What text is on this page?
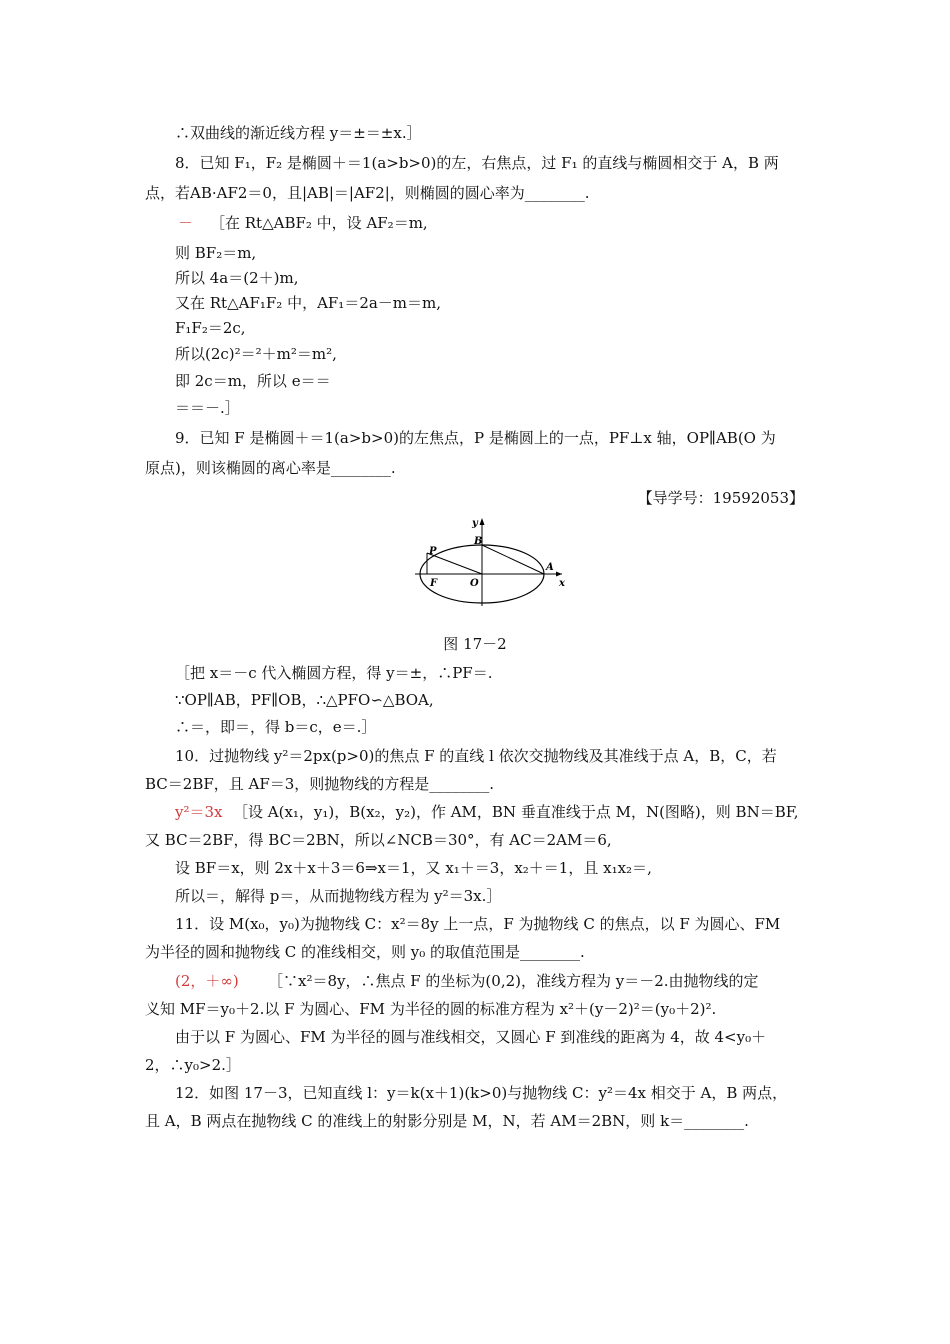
∴双曲线的渐近线方程 y＝±＝±x.］
8．已知 F₁，F₂ 是椭圆＋＝1(a>b>0)的左，右焦点，过 F₁ 的直线与椭圆相交于 A，B 两
点，若AB·AF2＝0，且|AB|＝|AF2|，则椭圆的圆心率为________.
－ ［在 Rt△ABF₂ 中，设 AF₂＝m,
则 BF₂＝m,
所以 4a＝(2＋)m,
又在 Rt△AF₁F₂ 中，AF₁＝2a－m＝m,
F₁F₂＝2c,
所以(2c)²＝²＋m²＝m²,
即 2c＝m，所以 e＝＝
＝＝－.］
9．已知 F 是椭圆＋＝1(a>b>0)的左焦点，P 是椭圆上的一点，PF⊥x 轴，OP∥AB(O 为
原点)，则该椭圆的离心率是________.
【导学号：19592053】
y
x
P
B
A
F	O
图 17－2
［把 x＝－c 代入椭圆方程，得 y＝±，∴PF＝.
∵OP∥AB，PF∥OB，∴△PFO∽△BOA,
∴＝，即＝，得 b＝c，e＝.］
10．过抛物线 y²＝2px(p>0)的焦点 F 的直线 l 依次交抛物线及其准线于点 A，B，C，若
BC＝2BF，且 AF＝3，则抛物线的方程是________.
y²＝3x ［设 A(x₁，y₁)，B(x₂，y₂)，作 AM，BN 垂直准线于点 M，N(图略)，则 BN＝BF,
又 BC＝2BF，得 BC＝2BN，所以∠NCB＝30°，有 AC＝2AM＝6,
设 BF＝x，则 2x＋x＋3＝6⇒x＝1，又 x₁＋＝3，x₂＋＝1，且 x₁x₂＝,
所以＝，解得 p＝，从而抛物线方程为 y²＝3x.］
11．设 M(x₀，y₀)为抛物线 C：x²＝8y 上一点，F 为抛物线 C 的焦点，以 F 为圆心、FM
为半径的圆和抛物线 C 的准线相交，则 y₀ 的取值范围是________.
(2，＋∞) ［∵x²＝8y，∴焦点 F 的坐标为(0,2)，准线方程为 y＝－2.由抛物线的定
义知 MF＝y₀＋2.以 F 为圆心、FM 为半径的圆的标准方程为 x²＋(y－2)²＝(y₀＋2)².
由于以 F 为圆心、FM 为半径的圆与准线相交，又圆心 F 到准线的距离为 4，故 4<y₀＋
2，∴y₀>2.］
12．如图 17－3，已知直线 l：y＝k(x＋1)(k>0)与抛物线 C：y²＝4x 相交于 A，B 两点，
且 A，B 两点在抛物线 C 的准线上的射影分别是 M，N，若 AM＝2BN，则 k＝________.
